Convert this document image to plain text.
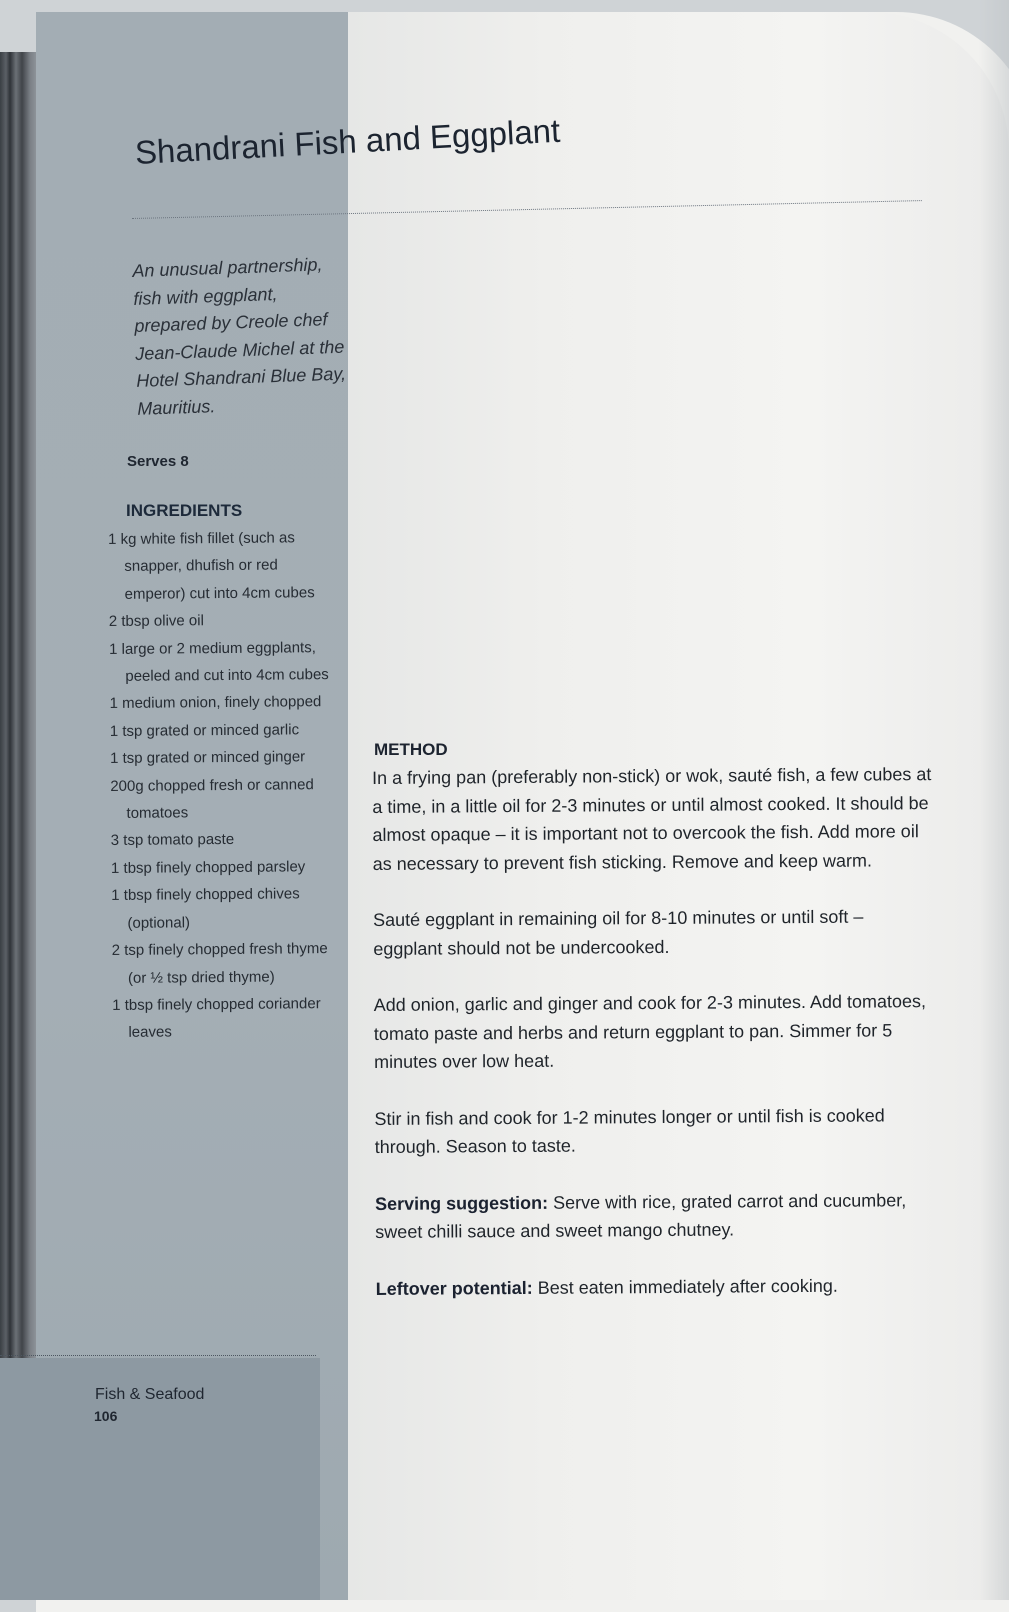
Shandrani Fish and Eggplant

An unusual partnership, fish with eggplant, prepared by Creole chef Jean-Claude Michel at the Hotel Shandrani Blue Bay, Mauritius.

Serves 8
INGREDIENTS
1 kg white fish fillet (such as snapper, dhufish or red emperor) cut into 4cm cubes
2 tbsp olive oil
1 large or 2 medium eggplants, peeled and cut into 4cm cubes
1 medium onion, finely chopped
1 tsp grated or minced garlic
1 tsp grated or minced ginger
200g chopped fresh or canned tomatoes
3 tsp tomato paste
1 tbsp finely chopped parsley
1 tbsp finely chopped chives (optional)
2 tsp finely chopped fresh thyme (or ½ tsp dried thyme)
1 tbsp finely chopped coriander leaves
METHOD

In a frying pan (preferably non-stick) or wok, sauté fish, a few cubes at a time, in a little oil for 2-3 minutes or until almost cooked. It should be almost opaque – it is important not to overcook the fish. Add more oil as necessary to prevent fish sticking. Remove and keep warm.

Sauté eggplant in remaining oil for 8-10 minutes or until soft – eggplant should not be undercooked.

Add onion, garlic and ginger and cook for 2-3 minutes. Add tomatoes, tomato paste and herbs and return eggplant to pan. Simmer for 5 minutes over low heat.

Stir in fish and cook for 1-2 minutes longer or until fish is cooked through. Season to taste.

Serving suggestion: Serve with rice, grated carrot and cucumber, sweet chilli sauce and sweet mango chutney.

Leftover potential: Best eaten immediately after cooking.

Fish & Seafood
106
